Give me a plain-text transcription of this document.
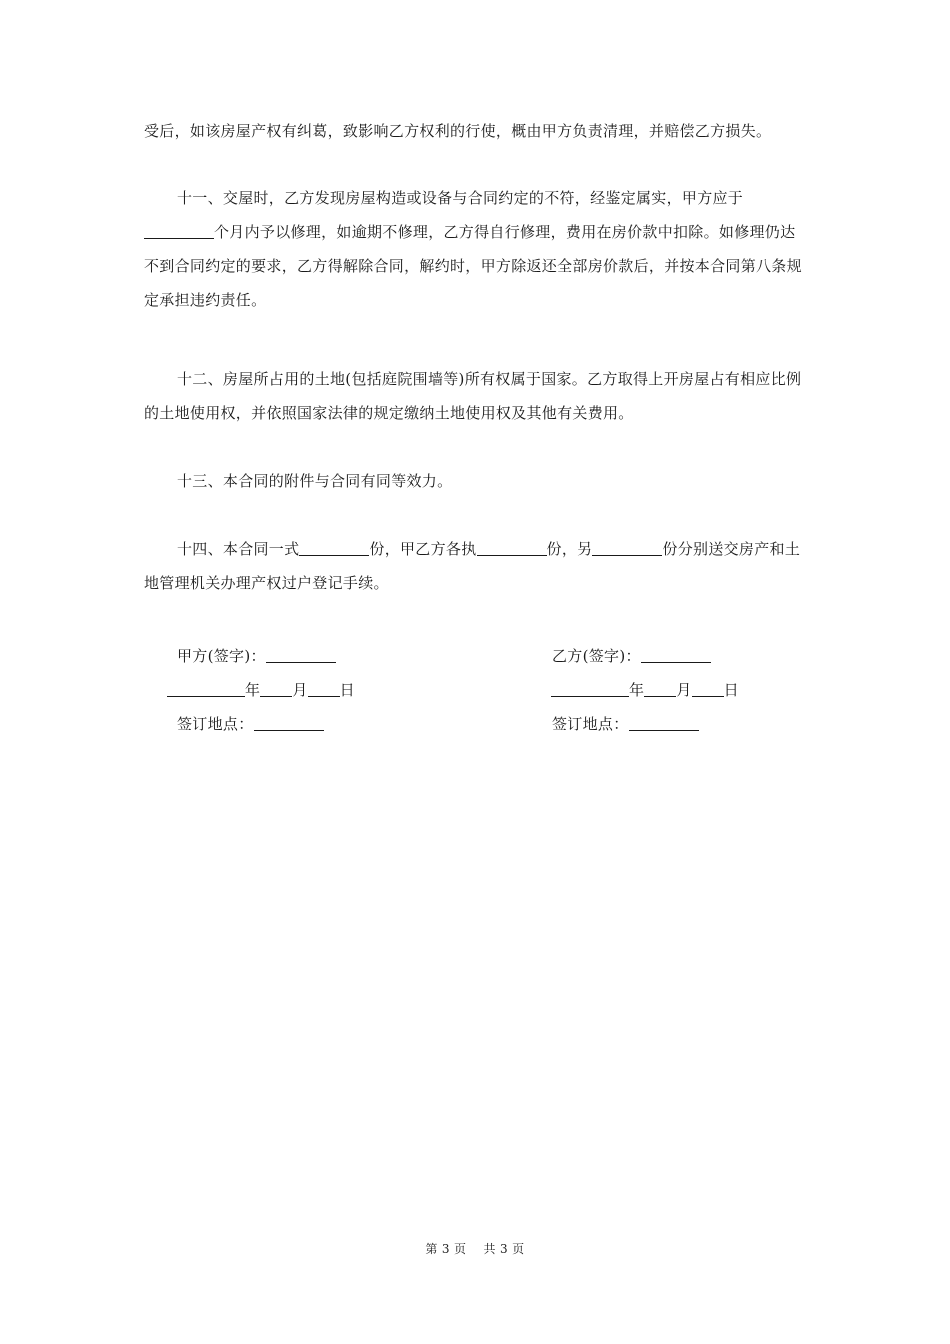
受后，如该房屋产权有纠葛，致影响乙方权利的行使，概由甲方负责清理，并赔偿乙方损失。

十一、交屋时，乙方发现房屋构造或设备与合同约定的不符，经鉴定属实，甲方应于个月内予以修理，如逾期不修理，乙方得自行修理，费用在房价款中扣除。如修理仍达不到合同约定的要求，乙方得解除合同，解约时，甲方除返还全部房价款后，并按本合同第八条规定承担违约责任。

十二、房屋所占用的土地(包括庭院围墙等)所有权属于国家。乙方取得上开房屋占有相应比例的土地使用权，并依照国家法律的规定缴纳土地使用权及其他有关费用。

十三、本合同的附件与合同有同等效力。

十四、本合同一式	份，甲乙方各执	份，另	份分别送交房产和土地管理机关办理产权过户登记手续。

甲方(签字)：
年 月 日
签订地点：
乙方(签字)：
年 月 日
签订地点：
第 3 页 共 3 页
